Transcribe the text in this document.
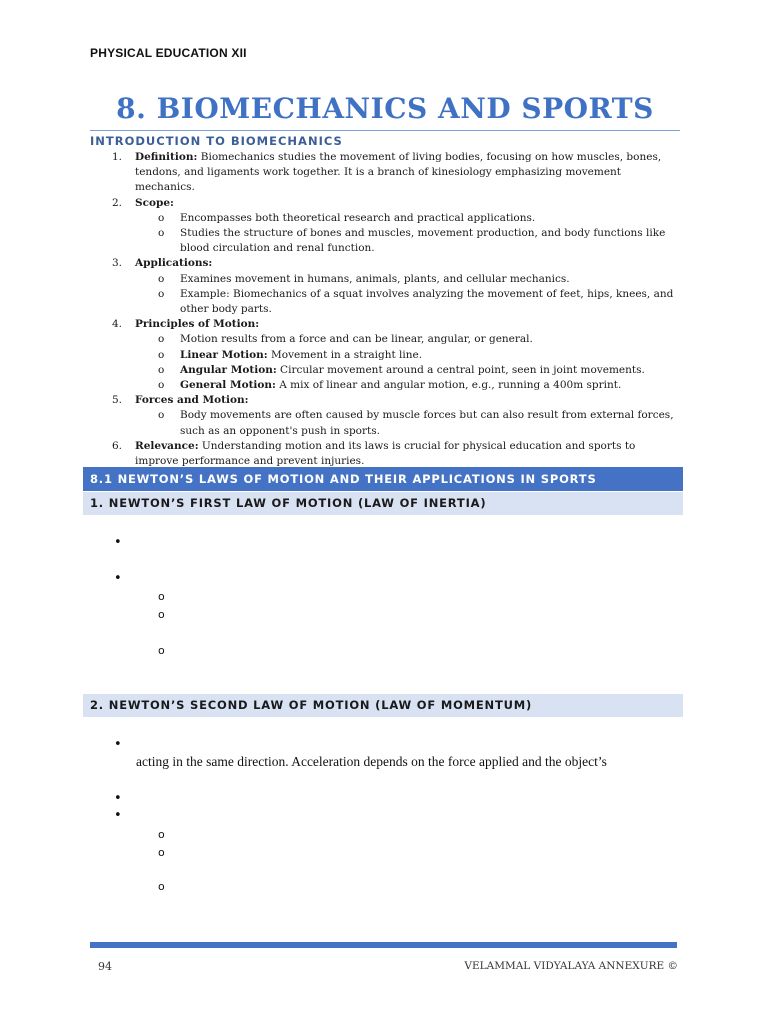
PHYSICAL EDUCATION XII
8. BIOMECHANICS AND SPORTS
INTRODUCTION TO BIOMECHANICS
1. Definition: Biomechanics studies the movement of living bodies, focusing on how muscles, bones, tendons, and ligaments work together. It is a branch of kinesiology emphasizing movement mechanics.
2. Scope:
o Encompasses both theoretical research and practical applications.
o Studies the structure of bones and muscles, movement production, and body functions like blood circulation and renal function.
3. Applications:
o Examines movement in humans, animals, plants, and cellular mechanics.
o Example: Biomechanics of a squat involves analyzing the movement of feet, hips, knees, and other body parts.
4. Principles of Motion:
o Motion results from a force and can be linear, angular, or general.
o Linear Motion: Movement in a straight line.
o Angular Motion: Circular movement around a central point, seen in joint movements.
o General Motion: A mix of linear and angular motion, e.g., running a 400m sprint.
5. Forces and Motion:
o Body movements are often caused by muscle forces but can also result from external forces, such as an opponent's push in sports.
6. Relevance: Understanding motion and its laws is crucial for physical education and sports to improve performance and prevent injuries.
8.1 NEWTON’S LAWS OF MOTION AND THEIR APPLICATIONS IN SPORTS
1. NEWTON’S FIRST LAW OF MOTION (LAW OF INERTIA)
•
•
o
o
o
2. NEWTON’S SECOND LAW OF MOTION (LAW OF MOMENTUM)
•
acting in the same direction. Acceleration depends on the force applied and the object’s
•
•
o
o
o
94	VELAMMAL VIDYALAYA ANNEXURE ©
